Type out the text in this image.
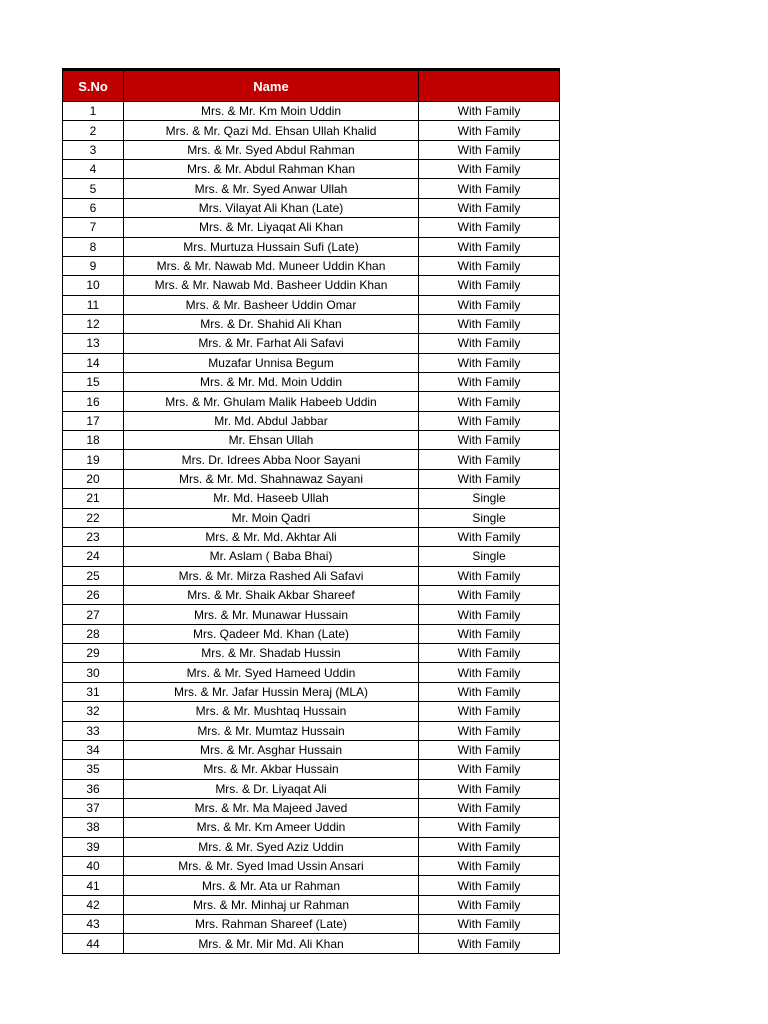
S.No	Name	
1	Mrs. & Mr. Km Moin Uddin	With Family
2	Mrs. & Mr. Qazi Md. Ehsan Ullah Khalid	With Family
3	Mrs. & Mr. Syed Abdul Rahman	With Family
4	Mrs. & Mr. Abdul Rahman Khan	With Family
5	Mrs. & Mr. Syed Anwar Ullah	With Family
6	Mrs. Vilayat Ali Khan (Late)	With Family
7	Mrs. & Mr. Liyaqat Ali Khan	With Family
8	Mrs. Murtuza Hussain Sufi (Late)	With Family
9	Mrs. & Mr. Nawab Md. Muneer Uddin Khan	With Family
10	Mrs. & Mr. Nawab Md. Basheer Uddin Khan	With Family
11	Mrs. & Mr. Basheer Uddin Omar	With Family
12	Mrs. & Dr. Shahid Ali Khan	With Family
13	Mrs. & Mr. Farhat Ali Safavi	With Family
14	Muzafar Unnisa Begum	With Family
15	Mrs. & Mr. Md. Moin Uddin	With Family
16	Mrs. & Mr. Ghulam Malik Habeeb Uddin	With Family
17	Mr. Md. Abdul Jabbar	With Family
18	Mr. Ehsan Ullah	With Family
19	Mrs. Dr. Idrees Abba Noor Sayani	With Family
20	Mrs. & Mr. Md. Shahnawaz Sayani	With Family
21	Mr. Md. Haseeb Ullah	Single
22	Mr. Moin Qadri	Single
23	Mrs. & Mr. Md. Akhtar Ali	With Family
24	Mr. Aslam ( Baba Bhai)	Single
25	Mrs. & Mr. Mirza Rashed Ali Safavi	With Family
26	Mrs. & Mr. Shaik Akbar Shareef	With Family
27	Mrs. & Mr. Munawar Hussain	With Family
28	Mrs. Qadeer Md. Khan (Late)	With Family
29	Mrs. & Mr. Shadab Hussin	With Family
30	Mrs. & Mr. Syed Hameed Uddin	With Family
31	Mrs. & Mr. Jafar Hussin Meraj (MLA)	With Family
32	Mrs. & Mr. Mushtaq Hussain	With Family
33	Mrs. & Mr. Mumtaz Hussain	With Family
34	Mrs. & Mr. Asghar Hussain	With Family
35	Mrs. & Mr. Akbar Hussain	With Family
36	Mrs. & Dr. Liyaqat Ali	With Family
37	Mrs. & Mr. Ma Majeed Javed	With Family
38	Mrs. & Mr. Km Ameer Uddin	With Family
39	Mrs. & Mr. Syed Aziz Uddin	With Family
40	Mrs. & Mr. Syed Imad Ussin Ansari	With Family
41	Mrs. & Mr. Ata ur Rahman	With Family
42	Mrs. & Mr. Minhaj ur Rahman	With Family
43	Mrs. Rahman Shareef (Late)	With Family
44	Mrs. & Mr. Mir Md. Ali Khan	With Family
